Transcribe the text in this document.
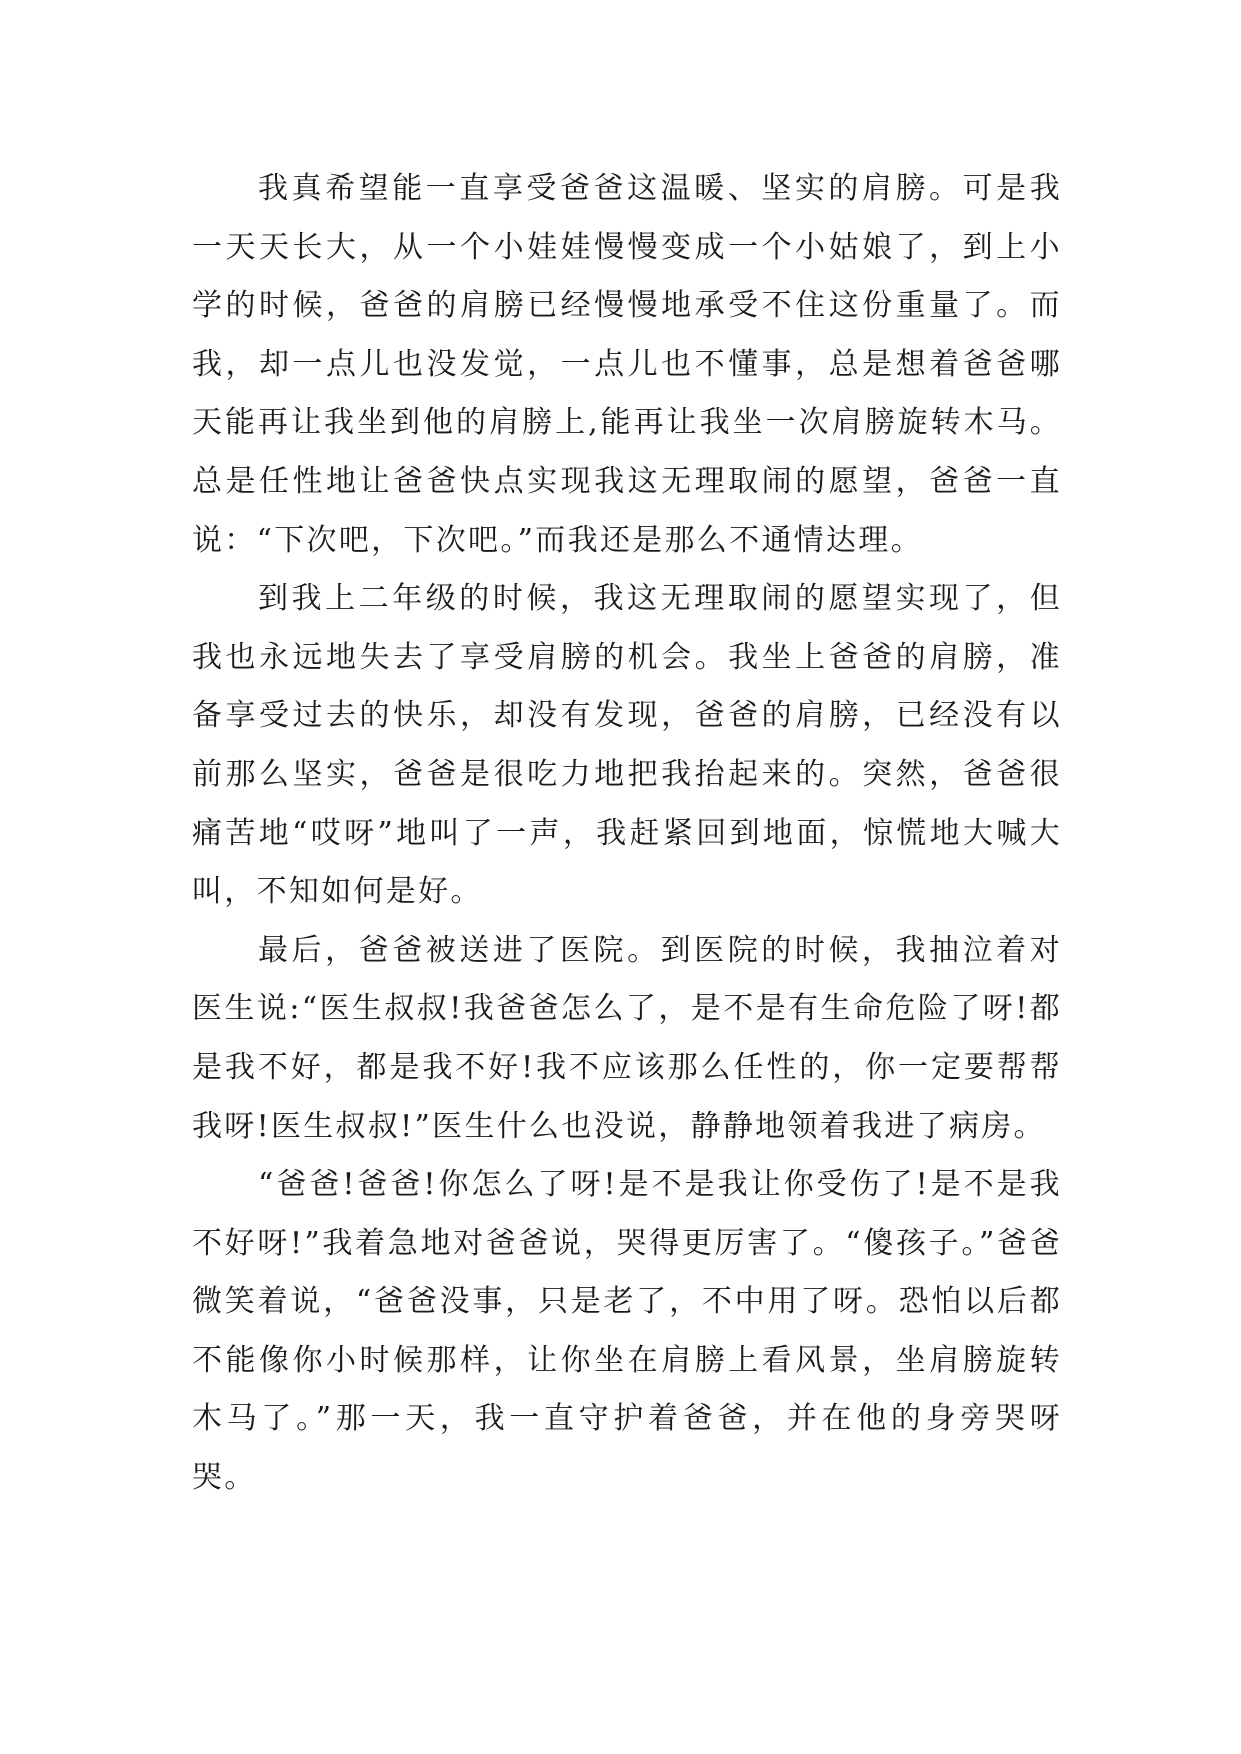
我真希望能一直享受爸爸这温暖、坚实的肩膀。可是我一天天长大，从一个小娃娃慢慢变成一个小姑娘了，到上小学的时候，爸爸的肩膀已经慢慢地承受不住这份重量了。而我，却一点儿也没发觉，一点儿也不懂事，总是想着爸爸哪天能再让我坐到他的肩膀上,能再让我坐一次肩膀旋转木马。总是任性地让爸爸快点实现我这无理取闹的愿望，爸爸一直说：“下次吧，下次吧。”而我还是那么不通情达理。

到我上二年级的时候，我这无理取闹的愿望实现了，但我也永远地失去了享受肩膀的机会。我坐上爸爸的肩膀，准备享受过去的快乐，却没有发现，爸爸的肩膀，已经没有以前那么坚实，爸爸是很吃力地把我抬起来的。突然，爸爸很痛苦地“哎呀”地叫了一声，我赶紧回到地面，惊慌地大喊大叫，不知如何是好。

最后，爸爸被送进了医院。到医院的时候，我抽泣着对医生说:“医生叔叔!我爸爸怎么了，是不是有生命危险了呀!都是我不好，都是我不好!我不应该那么任性的，你一定要帮帮我呀!医生叔叔!”医生什么也没说，静静地领着我进了病房。

“爸爸!爸爸!你怎么了呀!是不是我让你受伤了!是不是我不好呀!”我着急地对爸爸说，哭得更厉害了。“傻孩子。”爸爸微笑着说，“爸爸没事，只是老了，不中用了呀。恐怕以后都不能像你小时候那样，让你坐在肩膀上看风景，坐肩膀旋转木马了。”那一天，我一直守护着爸爸，并在他的身旁哭呀哭。
